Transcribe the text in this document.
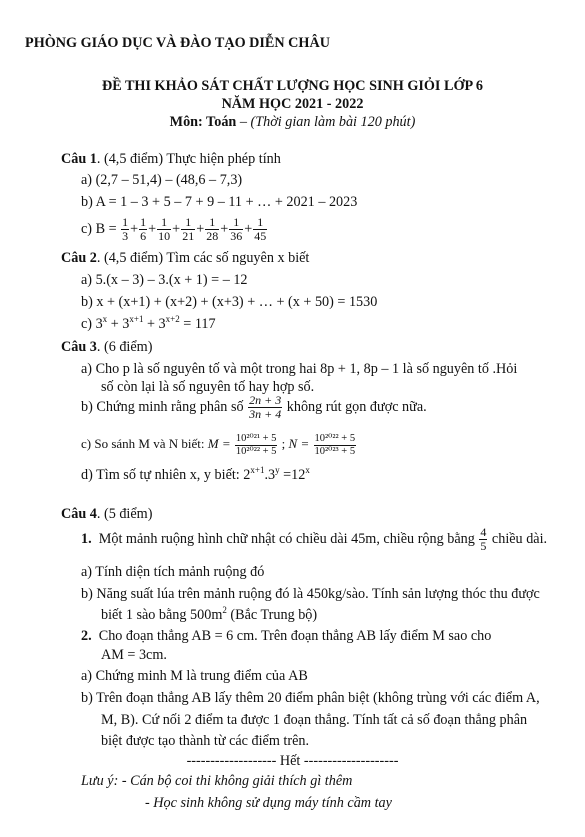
PHÒNG GIÁO DỤC VÀ ĐÀO TẠO DIỄN CHÂU
ĐỀ THI KHẢO SÁT CHẤT LƯỢNG HỌC SINH GIỎI LỚP 6
NĂM HỌC 2021 - 2022
Môn: Toán – (Thời gian làm bài 120 phút)
Câu 1. (4,5 điểm) Thực hiện phép tính
a) (2,7 – 51,4) – (48,6 – 7,3)
b) A = 1 – 3 + 5 – 7 + 9 – 11 + … + 2021 – 2023
c) $B = \frac{1}{3} + \frac{1}{6} + \frac{1}{10} + \frac{1}{21} + \frac{1}{28} + \frac{1}{36} + \frac{1}{45}$
Câu 2. (4,5 điểm) Tìm các số nguyên x biết
a) 5.(x – 3) – 3.(x + 1) = – 12
b) x + (x+1) + (x+2) + (x+3) + … + (x + 50) = 1530
c) $3^x + 3^{x+1} + 3^{x+2} = 117$
Câu 3. (6 điểm)
a) Cho p là số nguyên tố và một trong hai 8p + 1, 8p – 1 là số nguyên tố .Hỏi
số còn lại là số nguyên tố hay hợp số.
b) Chứng minh rằng phân số $\frac{2n + 3}{3n + 4}$ không rút gọn được nữa.
c) So sánh M và N biết: $M = \frac{\text{10²⁰²¹ + 5}}{\text{10²⁰²² + 5}}$ ; $N = \frac{\text{10²⁰²² + 5}}{\text{10²⁰²³ + 5}}$
d) Tìm số tự nhiên x, y biết: $2^{x+1}.3^y =12^x$
Câu 4. (5 điểm)
1. Một mảnh ruộng hình chữ nhật có chiều dài 45m, chiều rộng bằng $\frac{4}{5}$ chiều dài.
a) Tính diện tích mảnh ruộng đó
b) Năng suất lúa trên mảnh ruộng đó là 450kg/sào. Tính sản lượng thóc thu được
biết 1 sào bằng $500m^2$ (Bắc Trung bộ)
2. Cho đoạn thẳng AB = 6 cm. Trên đoạn thẳng AB lấy điểm M sao cho
AM = 3cm.
a) Chứng minh M là trung điểm của AB
b) Trên đoạn thẳng AB lấy thêm 20 điểm phân biệt (không trùng với các điểm A,
M, B). Cứ nối 2 điểm ta được 1 đoạn thẳng. Tính tất cả số đoạn thẳng phân
biệt được tạo thành từ các điểm trên.
------------------- Hết --------------------
Lưu ý: - Cán bộ coi thi không giải thích gì thêm
- Học sinh không sử dụng máy tính cầm tay
